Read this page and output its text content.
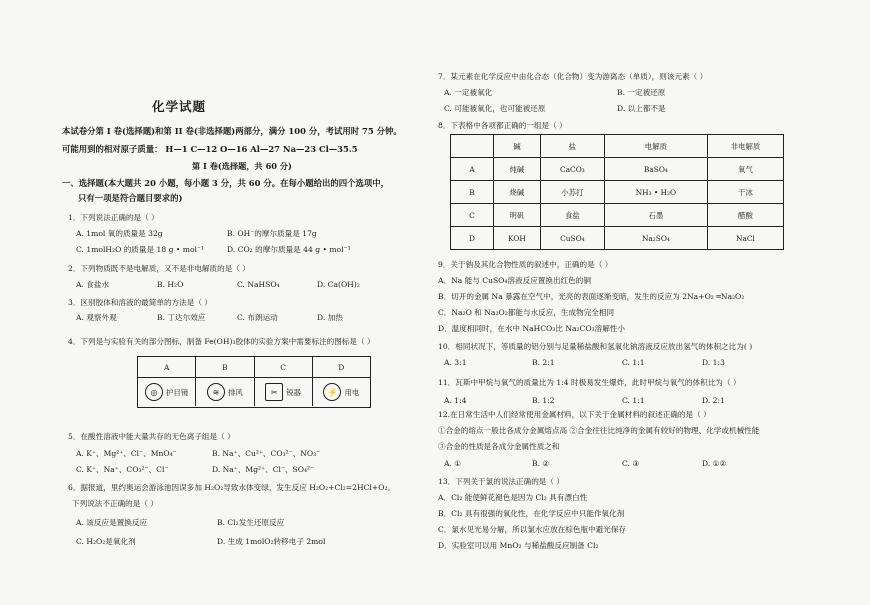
化学试题
本试卷分第 I 卷(选择题)和第 II 卷(非选择题)两部分，满分 100 分，考试用时 75 分钟。
可能用到的相对原子质量： H—1 C—12 O—16 Al—27 Na—23 Cl—35.5
第 I 卷(选择题，共 60 分)
一、选择题(本大题共 20 小题，每小题 3 分，共 60 分。在每小题给出的四个选项中，
只有一项是符合题目要求的)
1．下列说法正确的是（ ）
A. 1mol 氧的质量是 32g	B. OH⁻的摩尔质量是 17g
C. 1molH₂O 的质量是 18 g • mol⁻¹	D. CO₂ 的摩尔质量是 44 g • mol⁻¹
2．下列物质既不是电解质，又不是非电解质的是（ ）
A. 食盐水	B. H₂O	C. NaHSO₄	D. Ca(OH)₂
3．区别胶体和溶液的最简单的方法是（ ）
A. 观察外观	B. 丁达尔效应	C. 布朗运动	D. 加热
4．下列是与实验有关的部分图标，制备 Fe(OH)₃胶体的实验方案中需要标注的图标是（ ）
A	B	C	D
◎	护目镜	≋	排风	✂	锐器	⚡ 用电
5．在酸性溶液中能大量共存的无色离子组是（ ）
A. K⁺、Mg²⁺、Cl⁻、MnO₄⁻	B. Na⁺、Cu²⁺、CO₃²⁻、NO₃⁻
C. K⁺、Na⁺、CO₃²⁻、Cl⁻	D. Na⁺、Mg²⁺、Cl⁻、SO₄²⁻
6．据报道，里约奥运会游泳池因误多加 H₂O₂导致水体变绿，发生反应 H₂O₂+Cl₂=2HCl+O₂。
下列说法不正确的是（ ）
A. 该反应是置换反应	B. Cl₂发生还原反应
C. H₂O₂是氧化剂	D. 生成 1molO₂转移电子 2mol
7．某元素在化学反应中由化合态（化合物）变为游离态（单质），则该元素（ ）
A. 一定被氧化	B. 一定被还原
C. 可能被氧化，也可能被还原	D. 以上都不是
8．下表格中各项都正确的一组是（ ）
	碱	盐	电解质	非电解质
A	纯碱	CaCO₃	BaSO₄	氧气
B	烧碱	小苏打	NH₃ • H₂O	干冰
C	明矾	食盐	石墨	醋酸
D	KOH	CuSO₄	Na₂SO₄	NaCl
9．关于钠及其化合物性质的叙述中，正确的是（ ）
A．Na 能与 CuSO₄溶液反应置换出红色的铜
B．切开的金属 Na 暴露在空气中，光亮的表面逐渐变暗，发生的反应为 2Na+O₂ ═Na₂O₂
C．Na₂O 和 Na₂O₂都能与水反应，生成物完全相同
D．温度相同时，在水中 NaHCO₃比 Na₂CO₃溶解性小
10．相同状况下，等质量的铝分别与足量稀盐酸和氢氧化钠溶液反应放出氢气的体积之比为( )
A. 3:1	B. 2:1	C. 1:1	D. 1:3
11．瓦斯中甲烷与氧气的质量比为 1:4 时极易发生爆炸，此时甲烷与氧气的体积比为（ ）
A. 1:4	B. 1:2	C. 1:1	D. 2:1
12.在日常生活中人们经常使用金属材料，以下关于金属材料的叙述正确的是（ ）
①合金的熔点一般比各成分金属熔点高 ②合金往往比纯净的金属有较好的物理、化学或机械性能
③合金的性质是各成分金属性质之和
A. ①	B. ②	C. ③	D. ①②
13．下列关于氯的说法正确的是（ ）
A．Cl₂ 能使鲜花褪色是因为 Cl₂ 具有漂白性
B．Cl₂ 具有很强的氧化性，在化学反应中只能作氧化剂
C．氯水见光易分解，所以氯水应放在棕色瓶中避光保存
D．实验室可以用 MnO₂ 与稀盐酸反应制备 Cl₂
